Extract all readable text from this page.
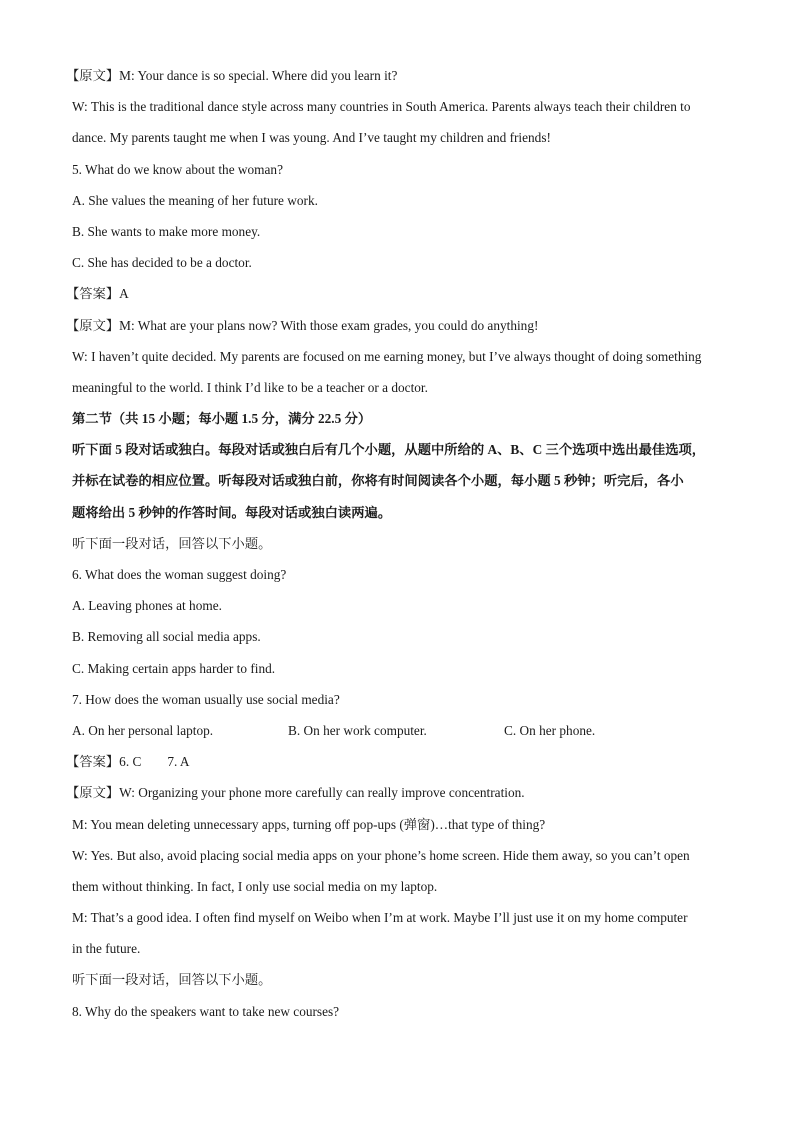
【原文】M: Your dance is so special. Where did you learn it?
W: This is the traditional dance style across many countries in South America. Parents always teach their children to
dance. My parents taught me when I was young. And I’ve taught my children and friends!
5. What do we know about the woman?
A. She values the meaning of her future work.
B. She wants to make more money.
C. She has decided to be a doctor.
【答案】A
【原文】M: What are your plans now? With those exam grades, you could do anything!
W: I haven’t quite decided. My parents are focused on me earning money, but I’ve always thought of doing something
meaningful to the world. I think I’d like to be a teacher or a doctor.
第二节（共 15 小题；每小题 1.5 分，满分 22.5 分）
听下面 5 段对话或独白。每段对话或独白后有几个小题，从题中所给的 A、B、C 三个选项中选出最佳选项，
并标在试卷的相应位置。听每段对话或独白前，你将有时间阅读各个小题，每小题 5 秒钟；听完后，各小
题将给出 5 秒钟的作答时间。每段对话或独白读两遍。
听下面一段对话，回答以下小题。
6. What does the woman suggest doing?
A. Leaving phones at home.
B. Removing all social media apps.
C. Making certain apps harder to find.
7. How does the woman usually use social media?
A. On her personal laptop.	B. On her work computer.	C. On her phone.
【答案】6. C 7. A
【原文】W: Organizing your phone more carefully can really improve concentration.
M: You mean deleting unnecessary apps, turning off pop-ups (弹窗)…that type of thing?
W: Yes. But also, avoid placing social media apps on your phone’s home screen. Hide them away, so you can’t open
them without thinking. In fact, I only use social media on my laptop.
M: That’s a good idea. I often find myself on Weibo when I’m at work. Maybe I’ll just use it on my home computer
in the future.
听下面一段对话，回答以下小题。
8. Why do the speakers want to take new courses?
